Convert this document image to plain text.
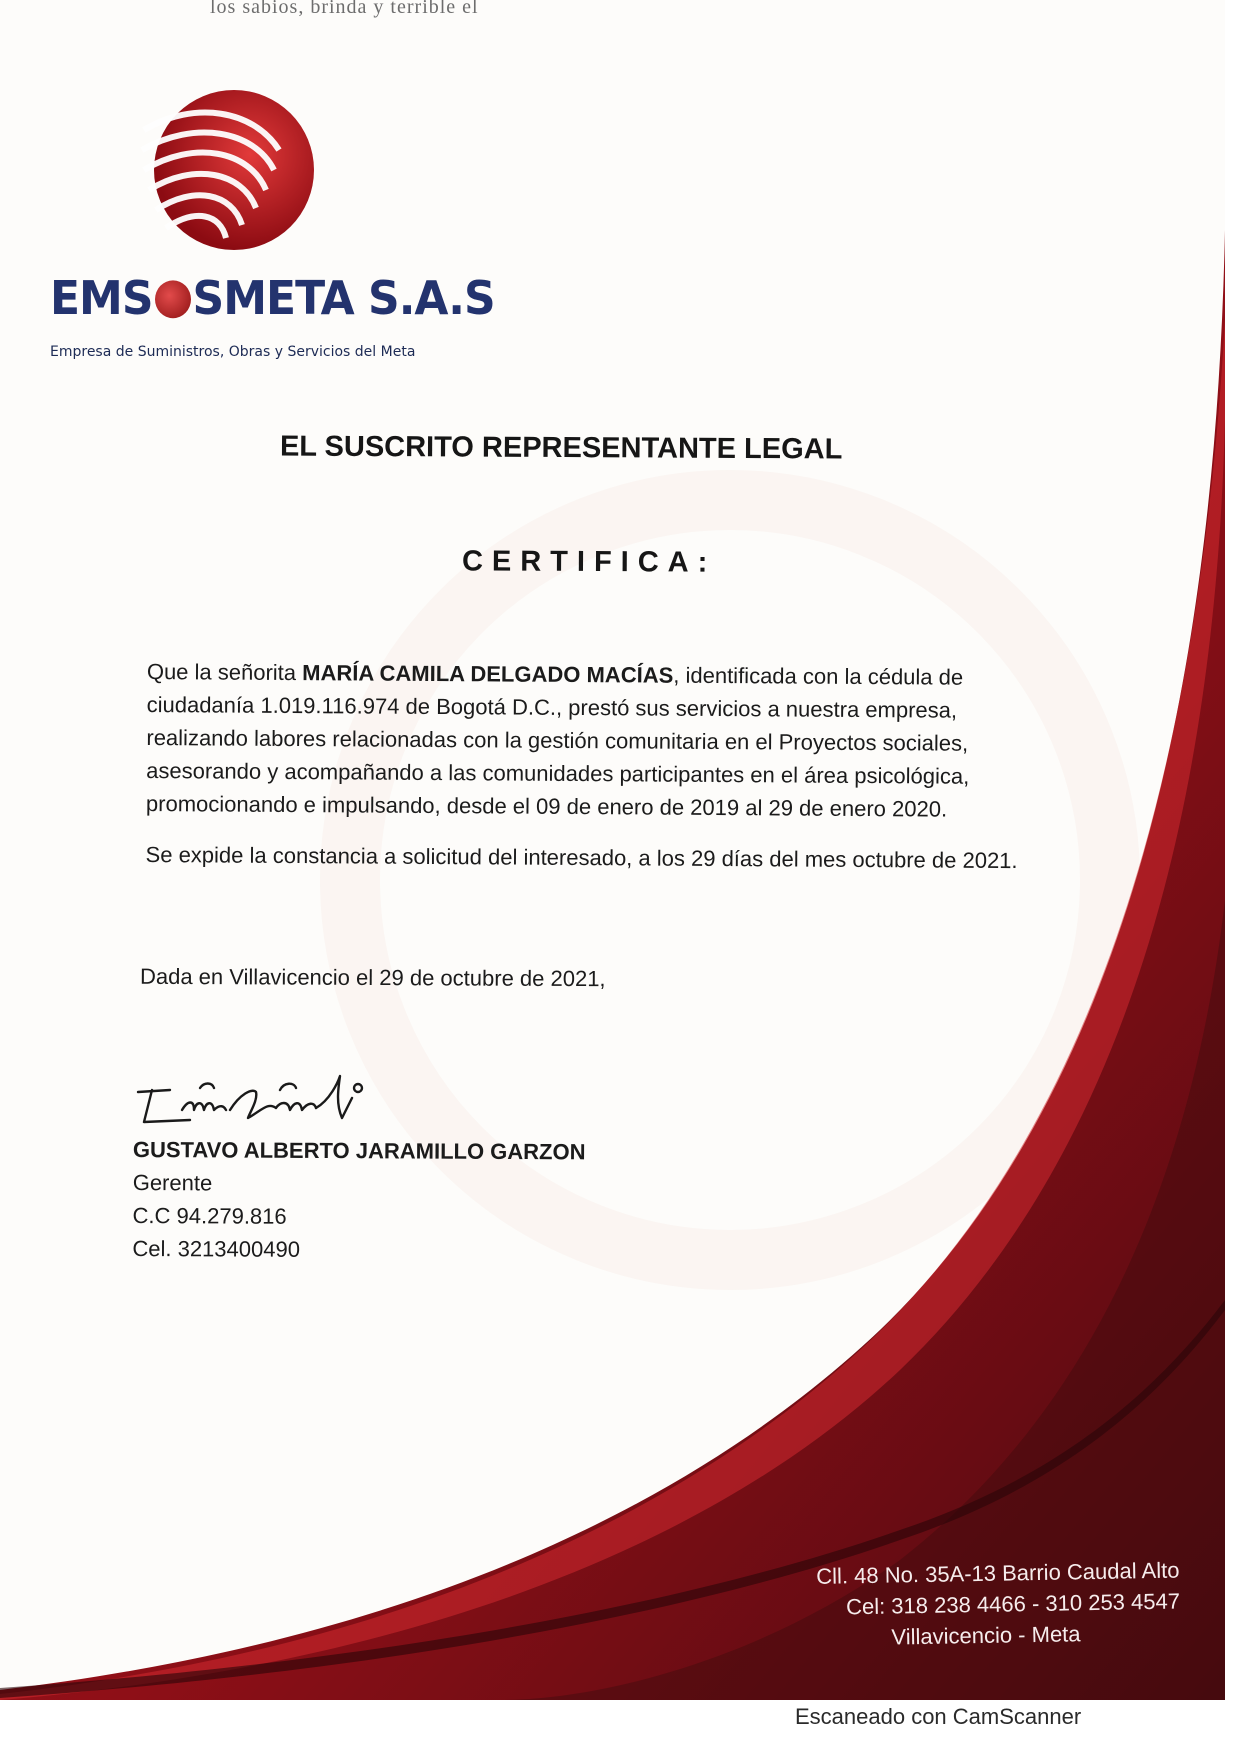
los sabios, brinda y terrible el
EMS SMETA S.A.S
Empresa de Suministros, Obras y Servicios del Meta
EL SUSCRITO REPRESENTANTE LEGAL
CERTIFICA:

Que la señorita MARÍA CAMILA DELGADO MACÍAS, identificada con la cédula de ciudadanía 1.019.116.974 de Bogotá D.C., prestó sus servicios a nuestra empresa, realizando labores relacionadas con la gestión comunitaria en el Proyectos sociales, asesorando y acompañando a las comunidades participantes en el área psicológica, promocionando e impulsando, desde el 09 de enero de 2019 al 29 de enero 2020.

Se expide la constancia a solicitud del interesado, a los 29 días del mes octubre de 2021.

Dada en Villavicencio el 29 de octubre de 2021,
GUSTAVO ALBERTO JARAMILLO GARZON
Gerente
C.C 94.279.816
Cel. 3213400490
Cll. 48 No. 35A-13 Barrio Caudal Alto
Cel: 318 238 4466 - 310 253 4547
Villavicencio - Meta
Escaneado con CamScanner
